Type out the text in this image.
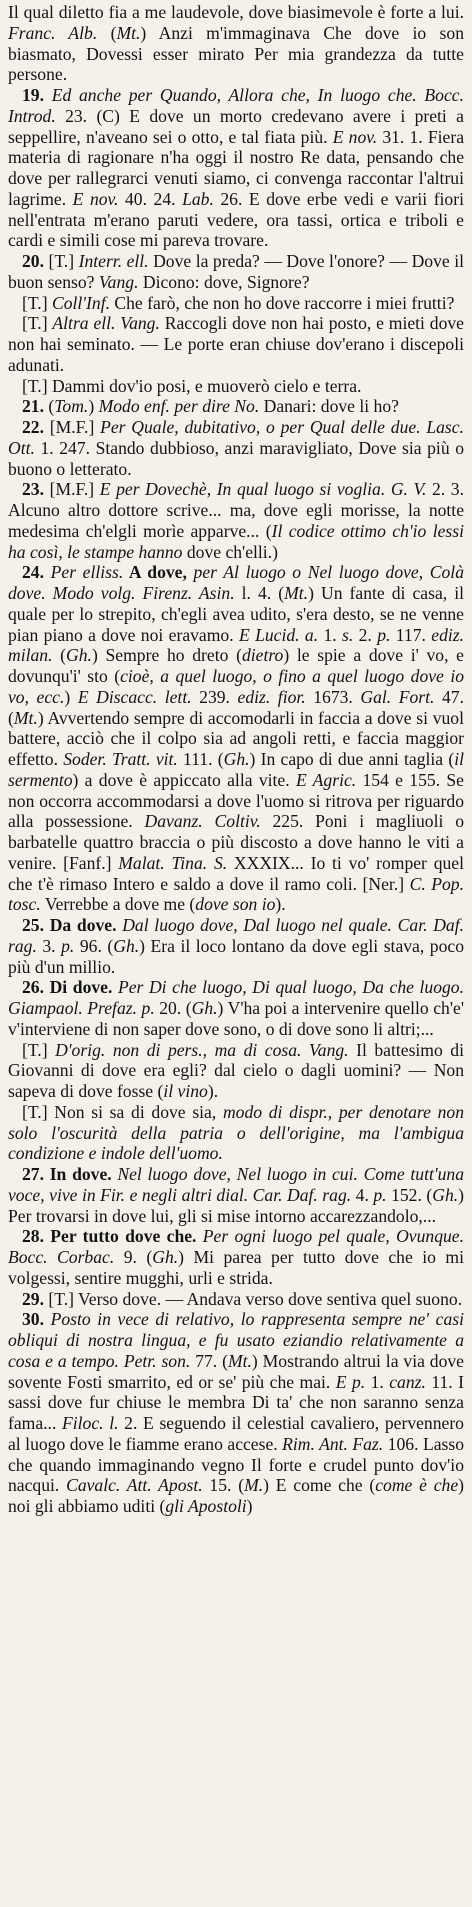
Il qual diletto fia a me laudevole, dove biasimevole è forte a lui. Franc. Alb. (Mt.) Anzi m'immaginava Che dove io son biasmato, Dovessi esser mirato Per mia grandezza da tutte persone.

19. Ed anche per Quando, Allora che, In luogo che. Bocc. Introd. 23. (C) E dove un morto credevano avere i preti a seppellire, n'aveano sei o otto, e tal fiata più. E nov. 31. 1. Fiera materia di ragionare n'ha oggi il nostro Re data, pensando che dove per rallegrarci venuti siamo, ci convenga raccontar l'altrui lagrime. E nov. 40. 24. Lab. 26. E dove erbe vedi e varii fiori nell'entrata m'erano paruti vedere, ora tassi, ortica e triboli e cardi e simili cose mi pareva trovare.

20. [T.] Interr. ell. Dove la preda? — Dove l'onore? — Dove il buon senso? Vang. Dicono: dove, Signore?

[T.] Coll'Inf. Che farò, che non ho dove raccorre i miei frutti?

[T.] Altra ell. Vang. Raccogli dove non hai posto, e mieti dove non hai seminato. — Le porte eran chiuse dov'erano i discepoli adunati.

[T.] Dammi dov'io posi, e muoverò cielo e terra.

21. (Tom.) Modo enf. per dire No. Danari: dove li ho?

22. [M.F.] Per Quale, dubitativo, o per Qual delle due. Lasc. Ott. 1. 247. Stando dubbioso, anzi maravigliato, Dove sia più o buono o letterato.

23. [M.F.] E per Dovechè, In qual luogo si voglia. G. V. 2. 3. Alcuno altro dottore scrive... ma, dove egli morisse, la notte medesima ch'elgli morìe apparve... (Il codice ottimo ch'io lessi ha così, le stampe hanno dove ch'elli.)

24. Per elliss. A dove, per Al luogo o Nel luogo dove, Colà dove. Modo volg. Firenz. Asin. l. 4. (Mt.) Un fante di casa, il quale per lo strepito, ch'egli avea udito, s'era desto, se ne venne pian piano a dove noi eravamo. E Lucid. a. 1. s. 2. p. 117. ediz. milan. (Gh.) Sempre ho dreto (dietro) le spie a dove i' vo, e dovunqu'i' sto (cioè, a quel luogo, o fino a quel luogo dove io vo, ecc.) E Discacc. lett. 239. ediz. fior. 1673. Gal. Fort. 47. (Mt.) Avvertendo sempre di accomodarli in faccia a dove si vuol battere, acciò che il colpo sia ad angoli retti, e faccia maggior effetto. Soder. Tratt. vit. 111. (Gh.) In capo di due anni taglia (il sermento) a dove è appiccato alla vite. E Agric. 154 e 155. Se non occorra accommodarsi a dove l'uomo si ritrova per riguardo alla possessione. Davanz. Coltiv. 225. Poni i magliuoli o barbatelle quattro braccia o più discosto a dove hanno le viti a venire. [Fanf.] Malat. Tina. S. XXXIX... Io ti vo' romper quel che t'è rimaso Intero e saldo a dove il ramo coli. [Ner.] C. Pop. tosc. Verrebbe a dove me (dove son io).

25. Da dove. Dal luogo dove, Dal luogo nel quale. Car. Daf. rag. 3. p. 96. (Gh.) Era il loco lontano da dove egli stava, poco più d'un millio.

26. Di dove. Per Di che luogo, Di qual luogo, Da che luogo. Giampaol. Prefaz. p. 20. (Gh.) V'ha poi a intervenire quello ch'e' v'interviene di non saper dove sono, o di dove sono li altri;...

[T.] D'orig. non di pers., ma di cosa. Vang. Il battesimo di Giovanni di dove era egli? dal cielo o dagli uomini? — Non sapeva di dove fosse (il vino).

[T.] Non si sa di dove sia, modo di dispr., per denotare non solo l'oscurità della patria o dell'origine, ma l'ambigua condizione e indole dell'uomo.

27. In dove. Nel luogo dove, Nel luogo in cui. Come tutt'una voce, vive in Fir. e negli altri dial. Car. Daf. rag. 4. p. 152. (Gh.) Per trovarsi in dove lui, gli si mise intorno accarezzandolo,...

28. Per tutto dove che. Per ogni luogo pel quale, Ovunque. Bocc. Corbac. 9. (Gh.) Mi parea per tutto dove che io mi volgessi, sentire mugghi, urli e strida.

29. [T.] Verso dove. — Andava verso dove sentiva quel suono.

30. Posto in vece di relativo, lo rappresenta sempre ne' casi obliqui di nostra lingua, e fu usato eziandio relativamente a cosa e a tempo. Petr. son. 77. (Mt.) Mostrando altrui la via dove sovente Fosti smarrito, ed or se' più che mai. E p. 1. canz. 11. I sassi dove fur chiuse le membra Di ta' che non saranno senza fama... Filoc. l. 2. E seguendo il celestial cavaliero, pervennero al luogo dove le fiamme erano accese. Rim. Ant. Faz. 106. Lasso che quando immaginando vegno Il forte e crudel punto dov'io nacqui. Cavalc. Att. Apost. 15. (M.) E come che (come è che) noi gli abbiamo uditi (gli Apostoli)
